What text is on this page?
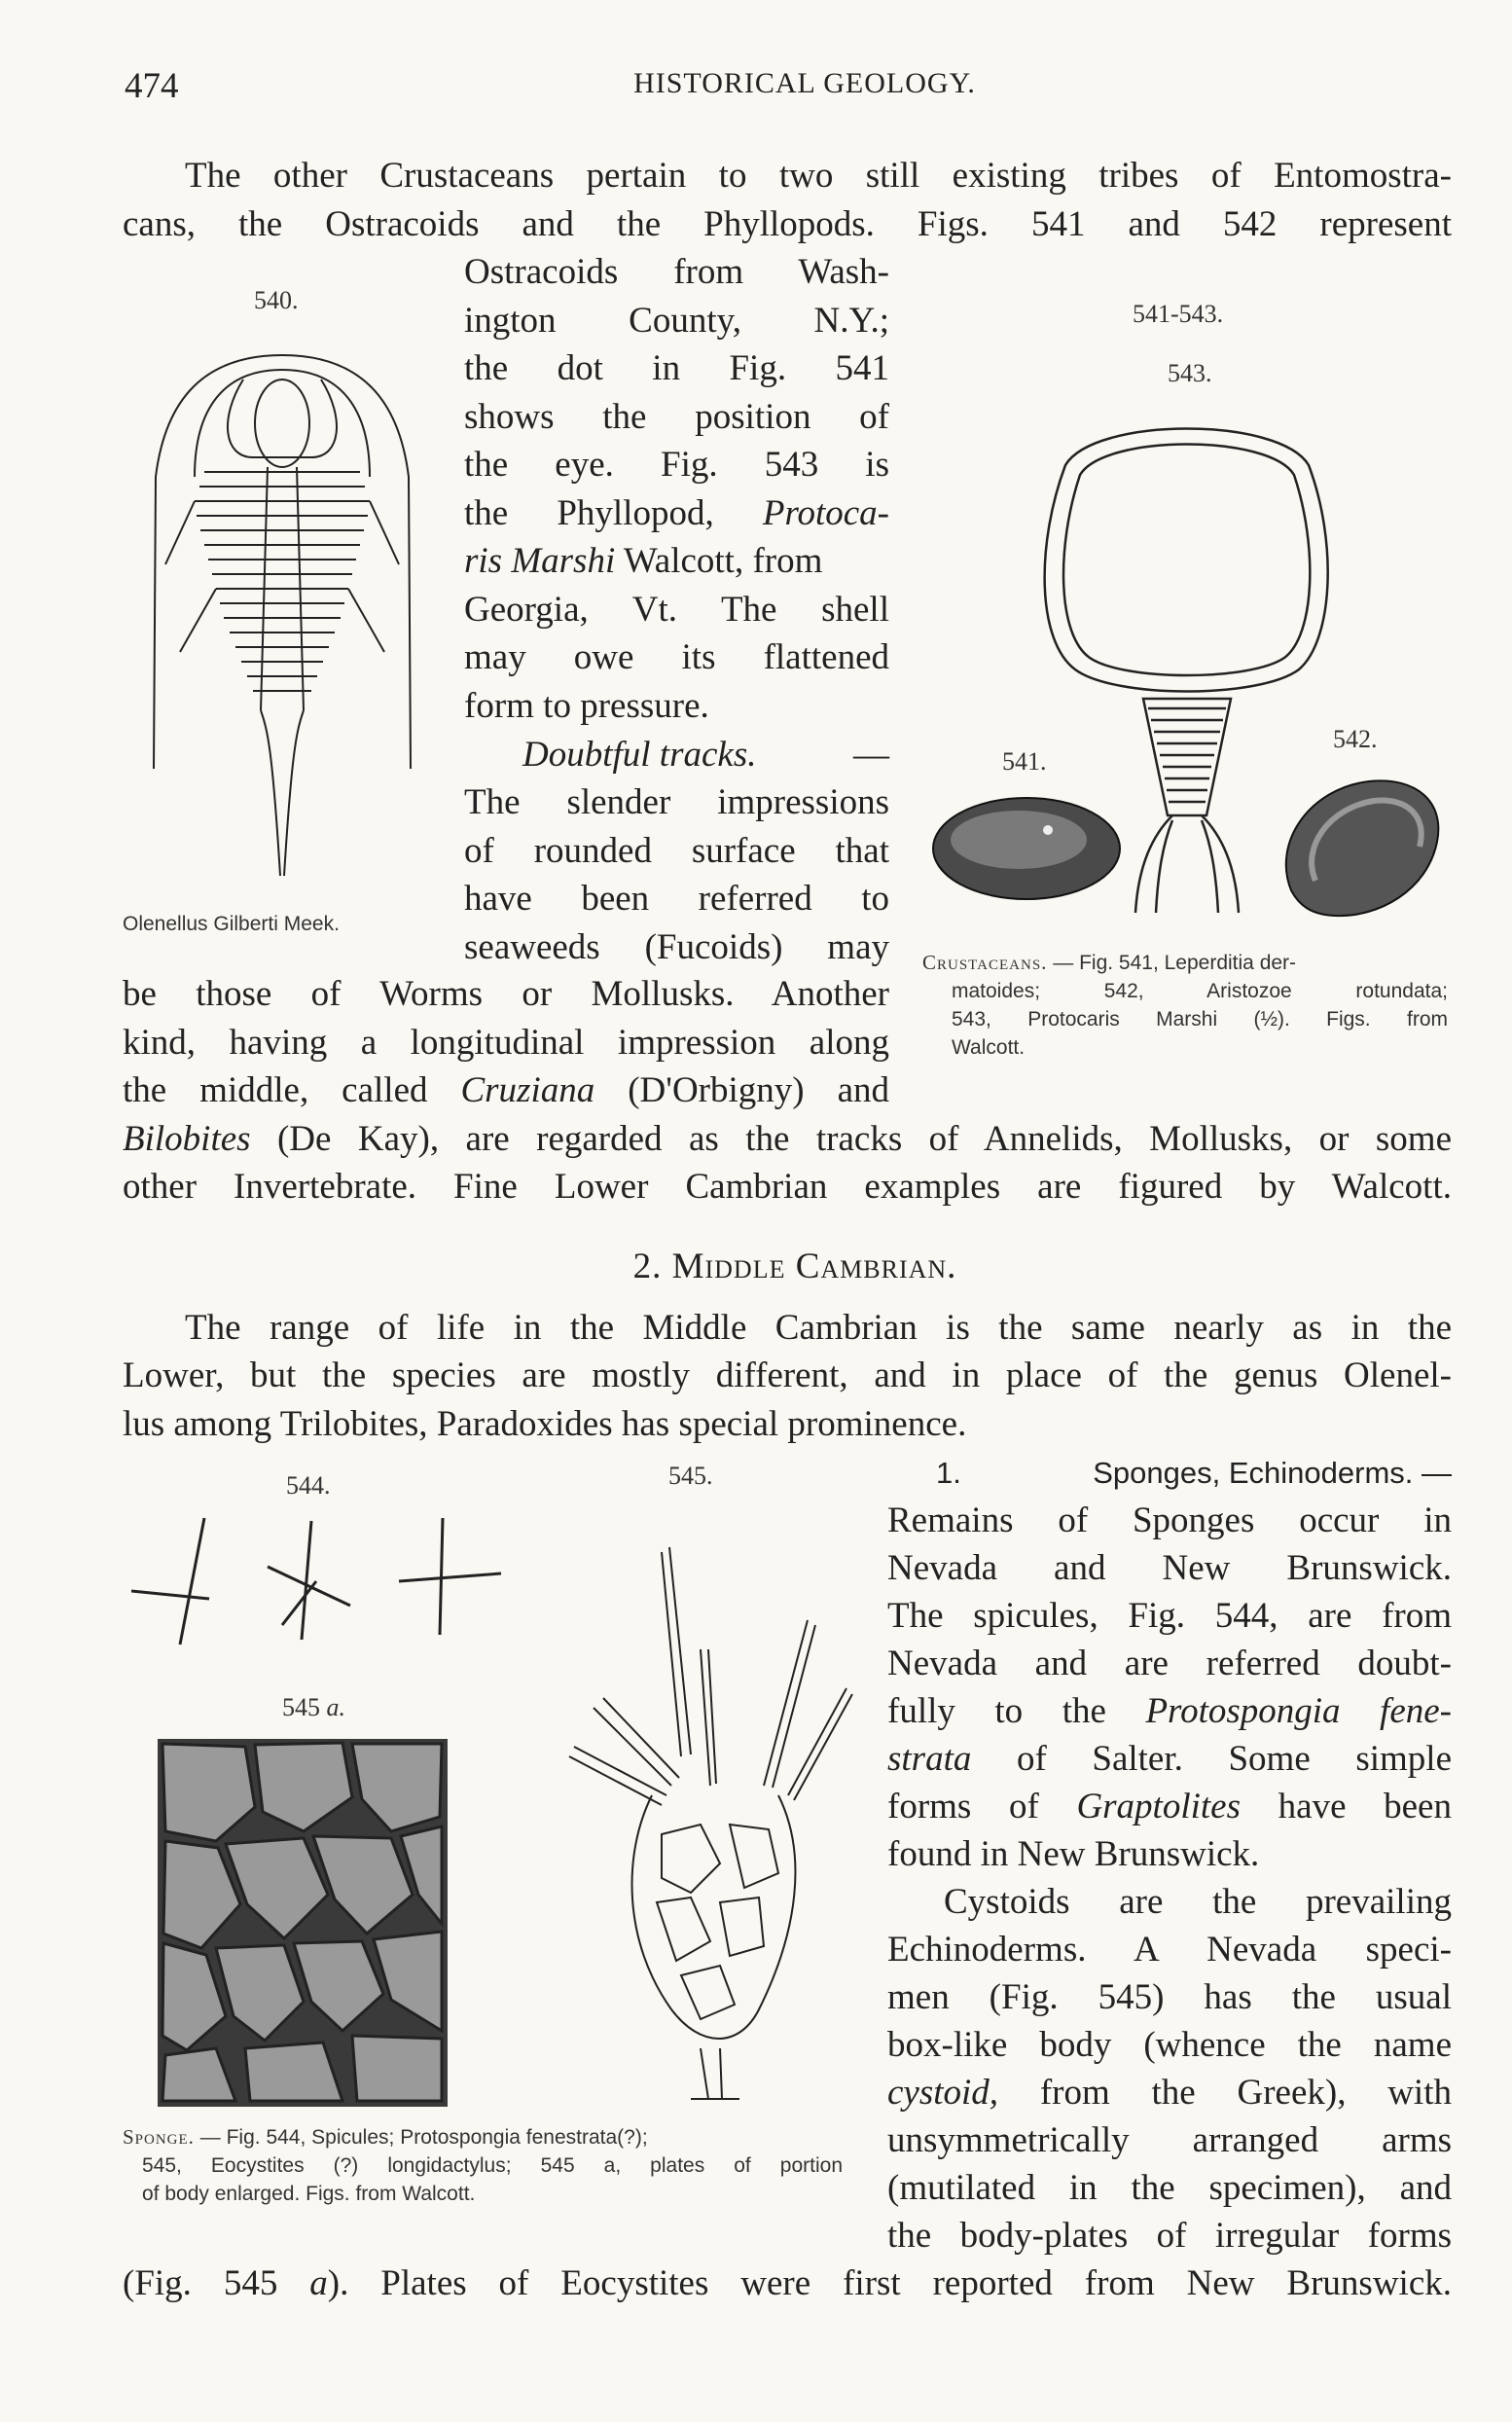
474	HISTORICAL GEOLOGY.
The other Crustaceans pertain to two still existing tribes of Entomostra-
cans, the Ostracoids and the Phyllopods. Figs. 541 and 542 represent
Ostracoids from Wash-
ington County, N.Y.;
the dot in Fig. 541
shows the position of
the eye. Fig. 543 is
the Phyllopod, Protoca-
ris Marshi Walcott, from
Georgia, Vt. The shell
may owe its flattened
form to pressure.
Doubtful tracks.	—
The slender impressions
of rounded surface that
have been referred to
seaweeds (Fucoids) may
be those of Worms or Mollusks. Another
kind, having a longitudinal impression along
the middle, called Cruziana (D'Orbigny) and
Bilobites (De Kay), are regarded as the tracks of Annelids, Mollusks, or some
other Invertebrate. Fine Lower Cambrian examples are figured by Walcott.
540.
Olenellus Gilberti Meek.
541-543.
543.
541.
542.
Crustaceans. — Fig. 541, Leperditia der-
matoides; 542, Aristozoe rotundata;
543, Protocaris Marshi (½). Figs. from
Walcott.
2. Middle Cambrian.
The range of life in the Middle Cambrian is the same nearly as in the
Lower, but the species are mostly different, and in place of the genus Olenel-
lus among Trilobites, Paradoxides has special prominence.
544.	545.
545 a.
Sponge. — Fig. 544, Spicules; Protospongia fenestrata(?);
545, Eocystites (?) longidactylus; 545 a, plates of portion
of body enlarged. Figs. from Walcott.
1.	Sponges, Echinoderms. —
Remains of Sponges occur in
Nevada and New Brunswick.
The spicules, Fig. 544, are from
Nevada and are referred doubt-
fully to the Protospongia fene-
strata of Salter. Some simple
forms of Graptolites have been
found in New Brunswick.
Cystoids are the prevailing
Echinoderms. A Nevada speci-
men (Fig. 545) has the usual
box-like body (whence the name
cystoid, from the Greek), with
unsymmetrically arranged arms
(mutilated in the specimen), and
the body-plates of irregular forms
(Fig. 545 a). Plates of Eocystites were first reported from New Brunswick.
